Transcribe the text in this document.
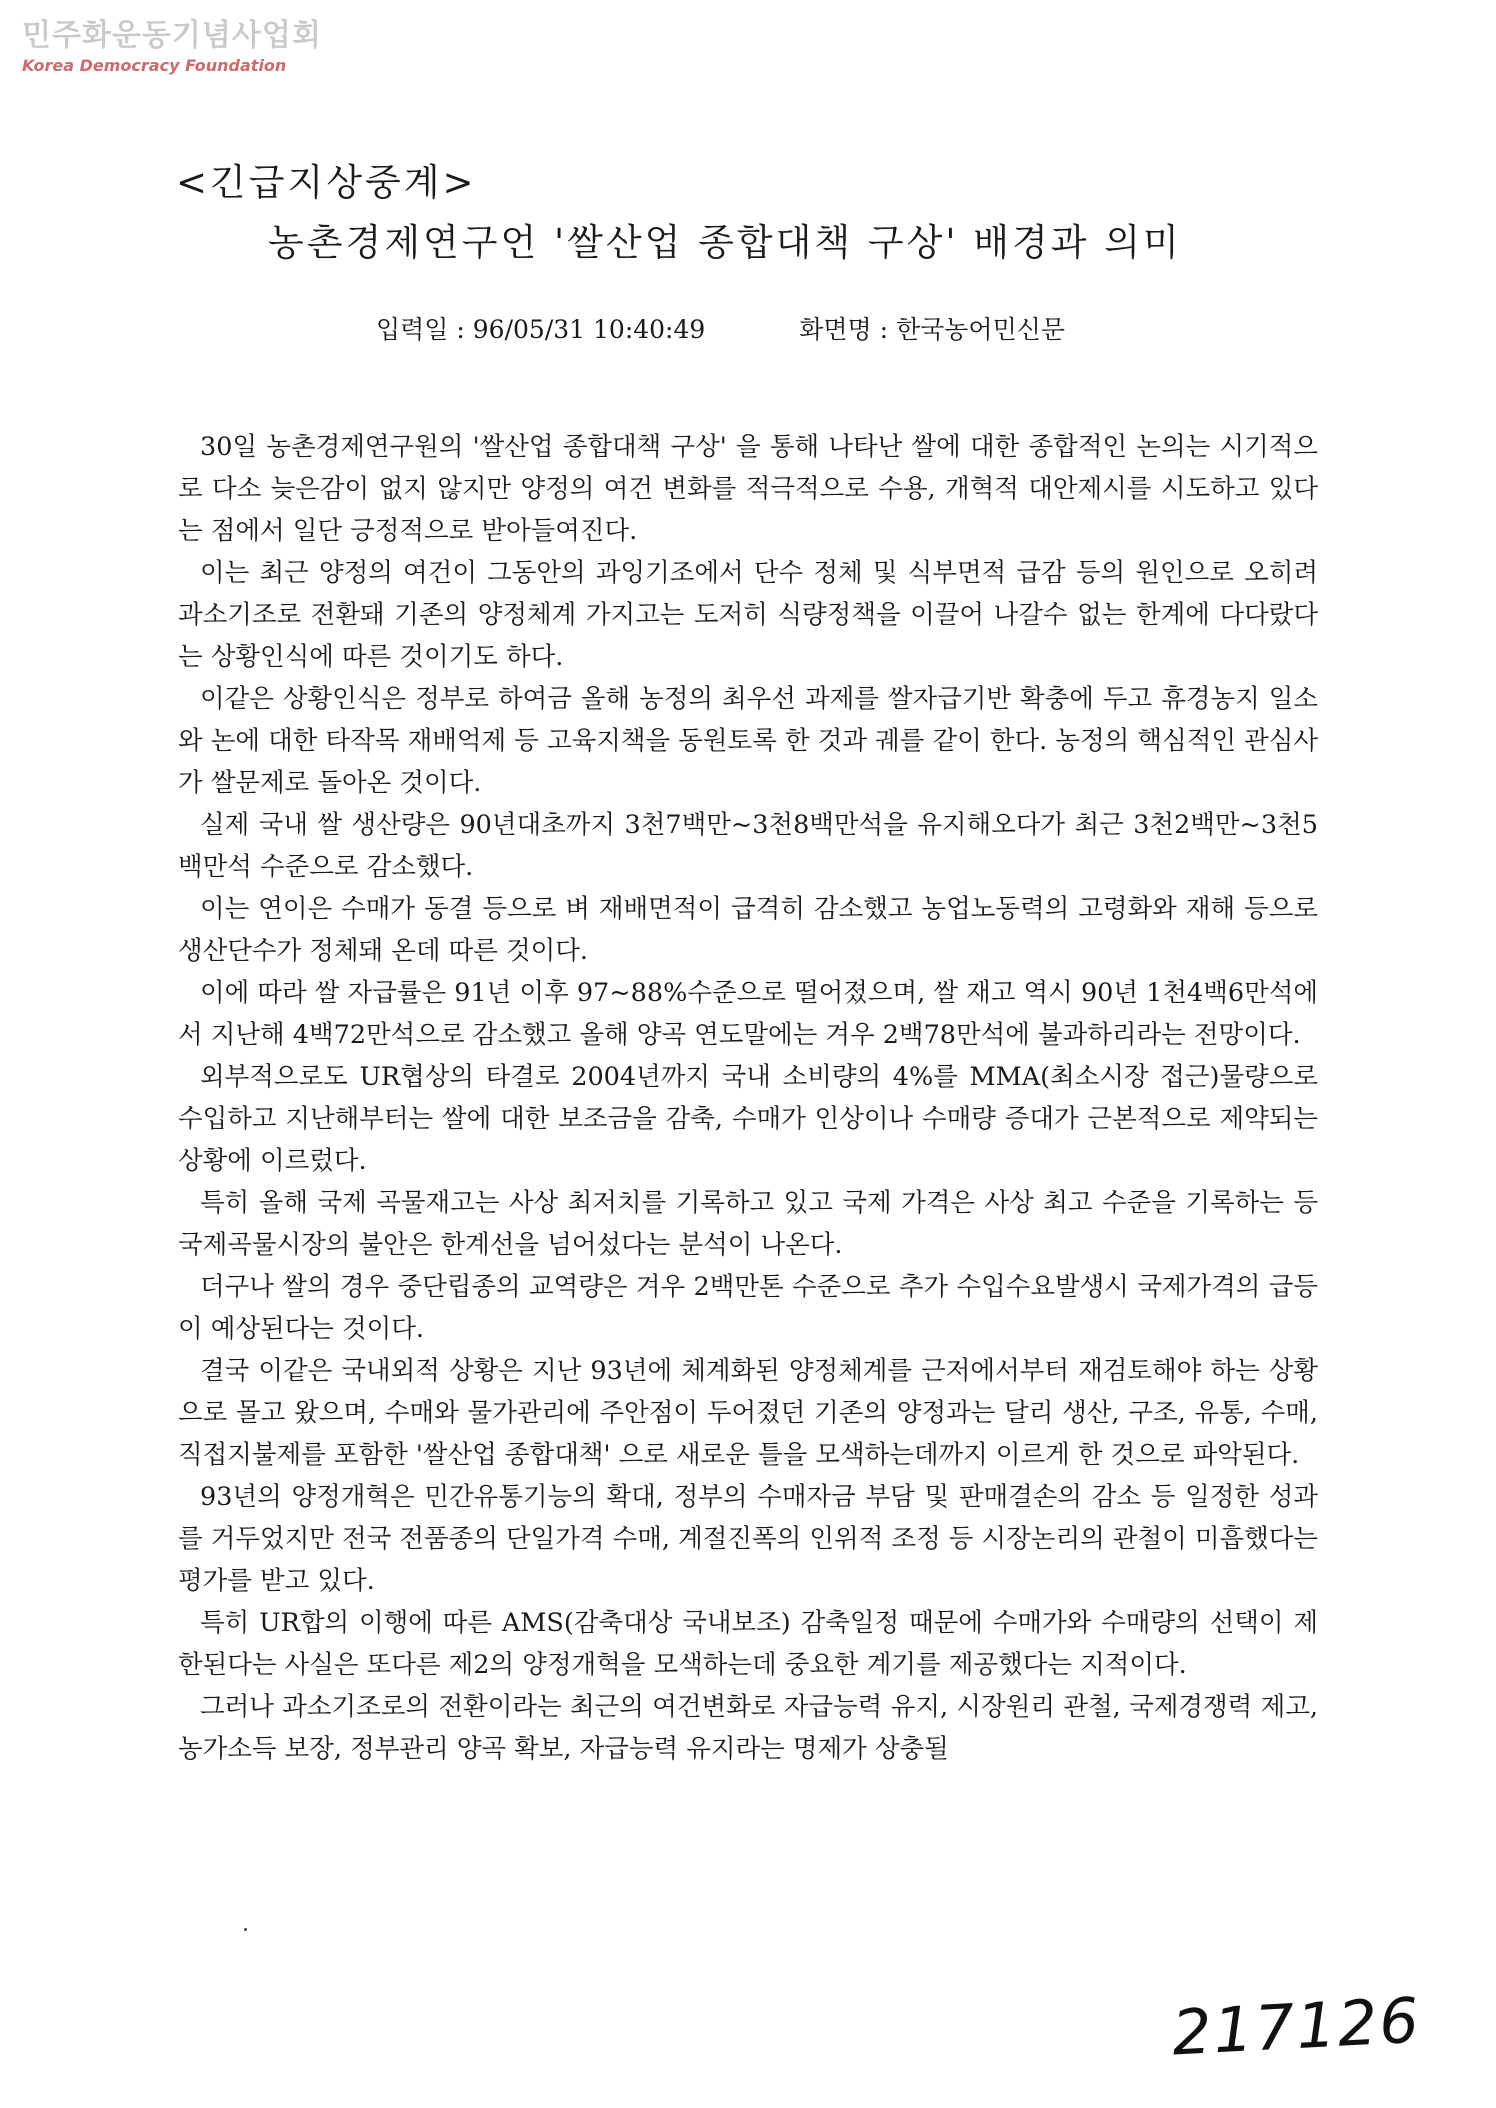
민주화운동기념사업회
Korea Democracy Foundation
<긴급지상중계>
농촌경제연구언 '쌀산업 종합대책 구상' 배경과 의미
입력일 : 96/05/31 10:40:49	화면명 : 한국농어민신문

30일 농촌경제연구원의 '쌀산업 종합대책 구상' 을 통해 나타난 쌀에 대한 종합적인 논의는 시기적으로 다소 늦은감이 없지 않지만 양정의 여건 변화를 적극적으로 수용, 개혁적 대안제시를 시도하고 있다는 점에서 일단 긍정적으로 받아들여진다.

이는 최근 양정의 여건이 그동안의 과잉기조에서 단수 정체 및 식부면적 급감 등의 원인으로 오히려 과소기조로 전환돼 기존의 양정체계 가지고는 도저히 식량정책을 이끌어 나갈수 없는 한계에 다다랐다는 상황인식에 따른 것이기도 하다.

이같은 상황인식은 정부로 하여금 올해 농정의 최우선 과제를 쌀자급기반 확충에 두고 휴경농지 일소와 논에 대한 타작목 재배억제 등 고육지책을 동원토록 한 것과 궤를 같이 한다. 농정의 핵심적인 관심사가 쌀문제로 돌아온 것이다.

실제 국내 쌀 생산량은 90년대초까지 3천7백만~3천8백만석을 유지해오다가 최근 3천2백만~3천5백만석 수준으로 감소했다.

이는 연이은 수매가 동결 등으로 벼 재배면적이 급격히 감소했고 농업노동력의 고령화와 재해 등으로 생산단수가 정체돼 온데 따른 것이다.

이에 따라 쌀 자급률은 91년 이후 97~88%수준으로 떨어졌으며, 쌀 재고 역시 90년 1천4백6만석에서 지난해 4백72만석으로 감소했고 올해 양곡 연도말에는 겨우 2백78만석에 불과하리라는 전망이다.

외부적으로도 UR협상의 타결로 2004년까지 국내 소비량의 4%를 MMA(최소시장 접근)물량으로 수입하고 지난해부터는 쌀에 대한 보조금을 감축, 수매가 인상이나 수매량 증대가 근본적으로 제약되는 상황에 이르렀다.

특히 올해 국제 곡물재고는 사상 최저치를 기록하고 있고 국제 가격은 사상 최고 수준을 기록하는 등 국제곡물시장의 불안은 한계선을 넘어섰다는 분석이 나온다.

더구나 쌀의 경우 중단립종의 교역량은 겨우 2백만톤 수준으로 추가 수입수요발생시 국제가격의 급등이 예상된다는 것이다.

결국 이같은 국내외적 상황은 지난 93년에 체계화된 양정체계를 근저에서부터 재검토해야 하는 상황으로 몰고 왔으며, 수매와 물가관리에 주안점이 두어졌던 기존의 양정과는 달리 생산, 구조, 유통, 수매, 직접지불제를 포함한 '쌀산업 종합대책' 으로 새로운 틀을 모색하는데까지 이르게 한 것으로 파악된다.

93년의 양정개혁은 민간유통기능의 확대, 정부의 수매자금 부담 및 판매결손의 감소 등 일정한 성과를 거두었지만 전국 전품종의 단일가격 수매, 계절진폭의 인위적 조정 등 시장논리의 관철이 미흡했다는 평가를 받고 있다.

특히 UR합의 이행에 따른 AMS(감축대상 국내보조) 감축일정 때문에 수매가와 수매량의 선택이 제한된다는 사실은 또다른 제2의 양정개혁을 모색하는데 중요한 계기를 제공했다는 지적이다.

그러나 과소기조로의 전환이라는 최근의 여건변화로 자급능력 유지, 시장원리 관철, 국제경쟁력 제고, 농가소득 보장, 정부관리 양곡 확보, 자급능력 유지라는 명제가 상충될

217126
